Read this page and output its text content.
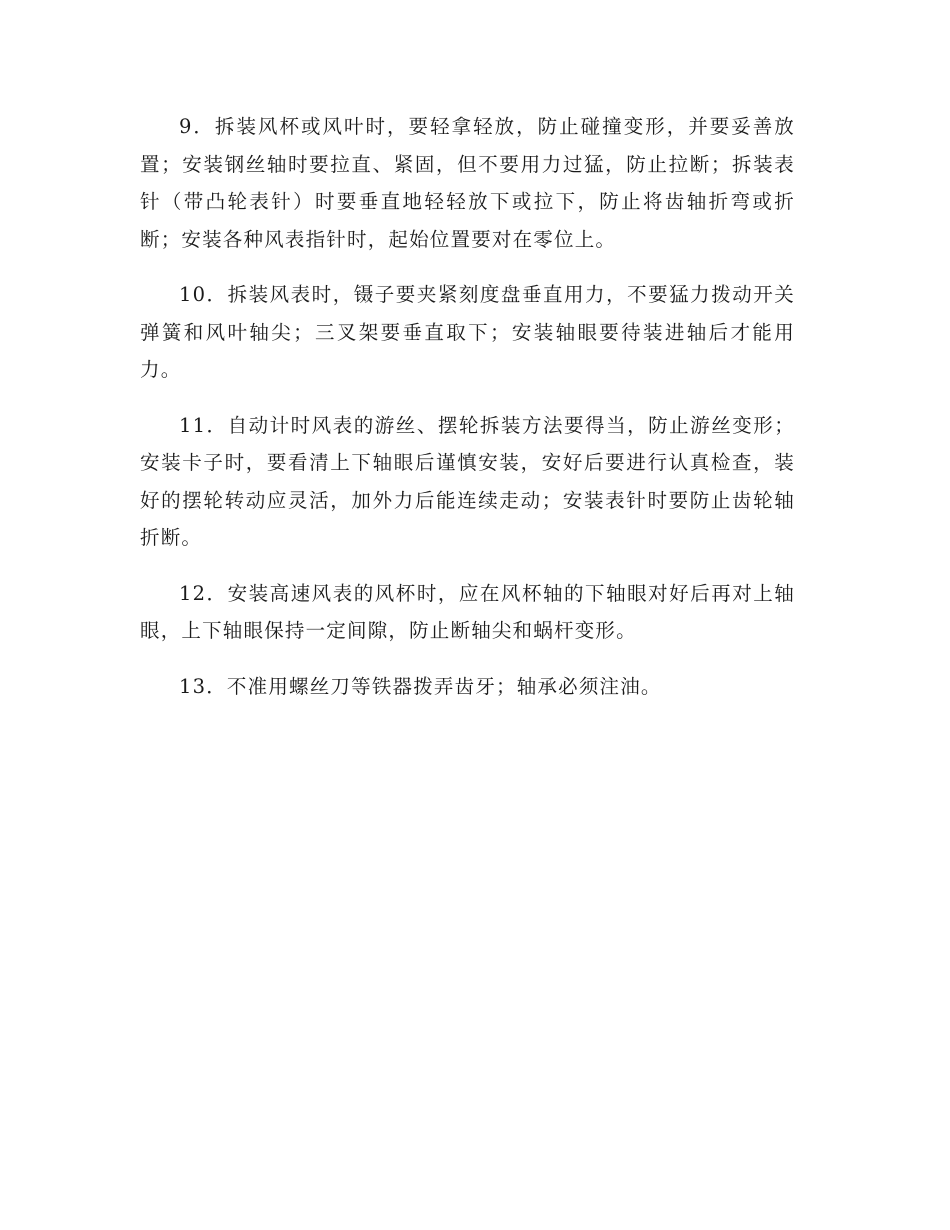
9．拆装风杯或风叶时，要轻拿轻放，防止碰撞变形，并要妥善放置；安装钢丝轴时要拉直、紧固，但不要用力过猛，防止拉断；拆装表针（带凸轮表针）时要垂直地轻轻放下或拉下，防止将齿轴折弯或折断；安装各种风表指针时，起始位置要对在零位上。

10．拆装风表时，镊子要夹紧刻度盘垂直用力，不要猛力拨动开关弹簧和风叶轴尖；三叉架要垂直取下；安装轴眼要待装进轴后才能用力。

11．自动计时风表的游丝、摆轮拆装方法要得当，防止游丝变形；安装卡子时，要看清上下轴眼后谨慎安装，安好后要进行认真检查，装好的摆轮转动应灵活，加外力后能连续走动；安装表针时要防止齿轮轴折断。

12．安装高速风表的风杯时，应在风杯轴的下轴眼对好后再对上轴眼，上下轴眼保持一定间隙，防止断轴尖和蜗杆变形。

13．不准用螺丝刀等铁器拨弄齿牙；轴承必须注油。
